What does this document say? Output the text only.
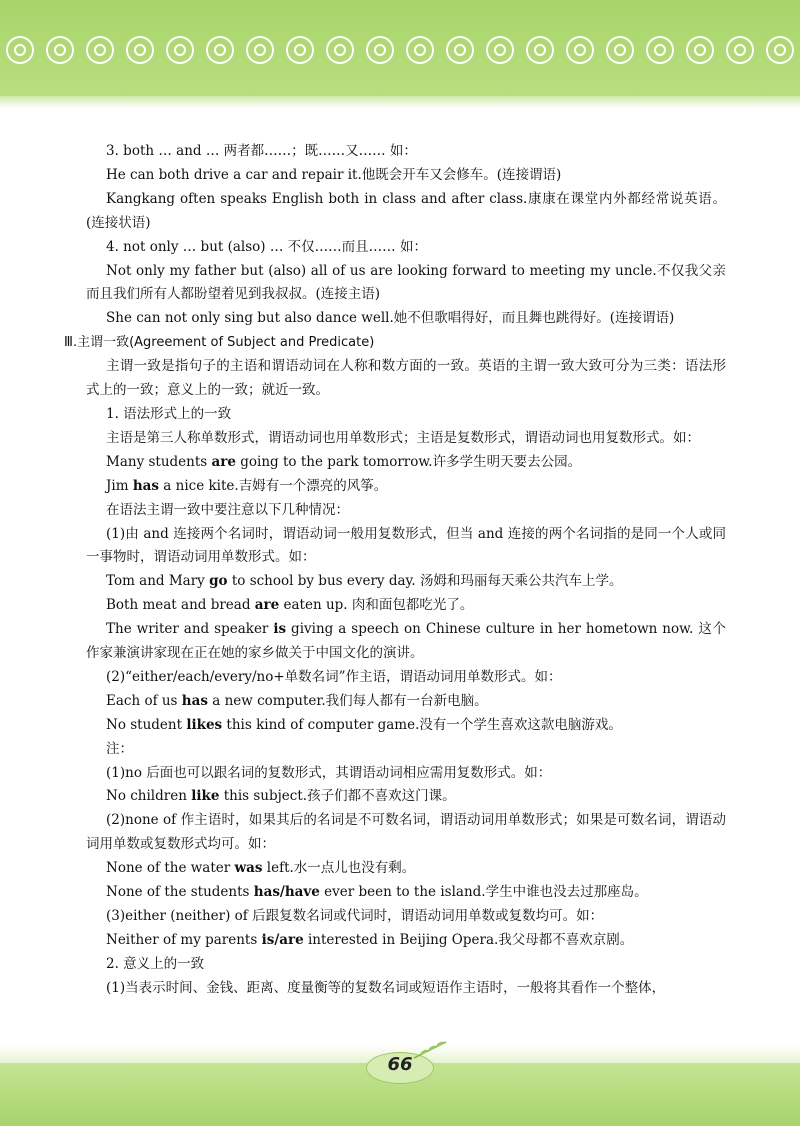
3. both … and … 两者都……；既……又…… 如：
He can both drive a car and repair it.他既会开车又会修车。(连接谓语)
Kangkang often speaks English both in class and after class.康康在课堂内外都经常说英语。(连接状语)
4. not only … but (also) … 不仅……而且…… 如：
Not only my father but (also) all of us are looking forward to meeting my uncle.不仅我父亲而且我们所有人都盼望着见到我叔叔。(连接主语)
She can not only sing but also dance well.她不但歌唱得好，而且舞也跳得好。(连接谓语)
Ⅲ.主谓一致(Agreement of Subject and Predicate)
主谓一致是指句子的主语和谓语动词在人称和数方面的一致。英语的主谓一致大致可分为三类：语法形式上的一致；意义上的一致；就近一致。
1. 语法形式上的一致
主语是第三人称单数形式，谓语动词也用单数形式；主语是复数形式，谓语动词也用复数形式。如：
Many students are going to the park tomorrow.许多学生明天要去公园。
Jim has a nice kite.吉姆有一个漂亮的风筝。
在语法主谓一致中要注意以下几种情况：
(1)由 and 连接两个名词时，谓语动词一般用复数形式，但当 and 连接的两个名词指的是同一个人或同一事物时，谓语动词用单数形式。如：
Tom and Mary go to school by bus every day. 汤姆和玛丽每天乘公共汽车上学。
Both meat and bread are eaten up. 肉和面包都吃光了。
The writer and speaker is giving a speech on Chinese culture in her hometown now. 这个作家兼演讲家现在正在她的家乡做关于中国文化的演讲。
(2)“either/each/every/no+单数名词”作主语，谓语动词用单数形式。如：
Each of us has a new computer.我们每人都有一台新电脑。
No student likes this kind of computer game.没有一个学生喜欢这款电脑游戏。
注：
(1)no 后面也可以跟名词的复数形式，其谓语动词相应需用复数形式。如：
No children like this subject.孩子们都不喜欢这门课。
(2)none of 作主语时，如果其后的名词是不可数名词，谓语动词用单数形式；如果是可数名词，谓语动词用单数或复数形式均可。如：
None of the water was left.水一点儿也没有剩。
None of the students has/have ever been to the island.学生中谁也没去过那座岛。
(3)either (neither) of 后跟复数名词或代词时，谓语动词用单数或复数均可。如：
Neither of my parents is/are interested in Beijing Opera.我父母都不喜欢京剧。
2. 意义上的一致
(1)当表示时间、金钱、距离、度量衡等的复数名词或短语作主语时，一般将其看作一个整体，
66
